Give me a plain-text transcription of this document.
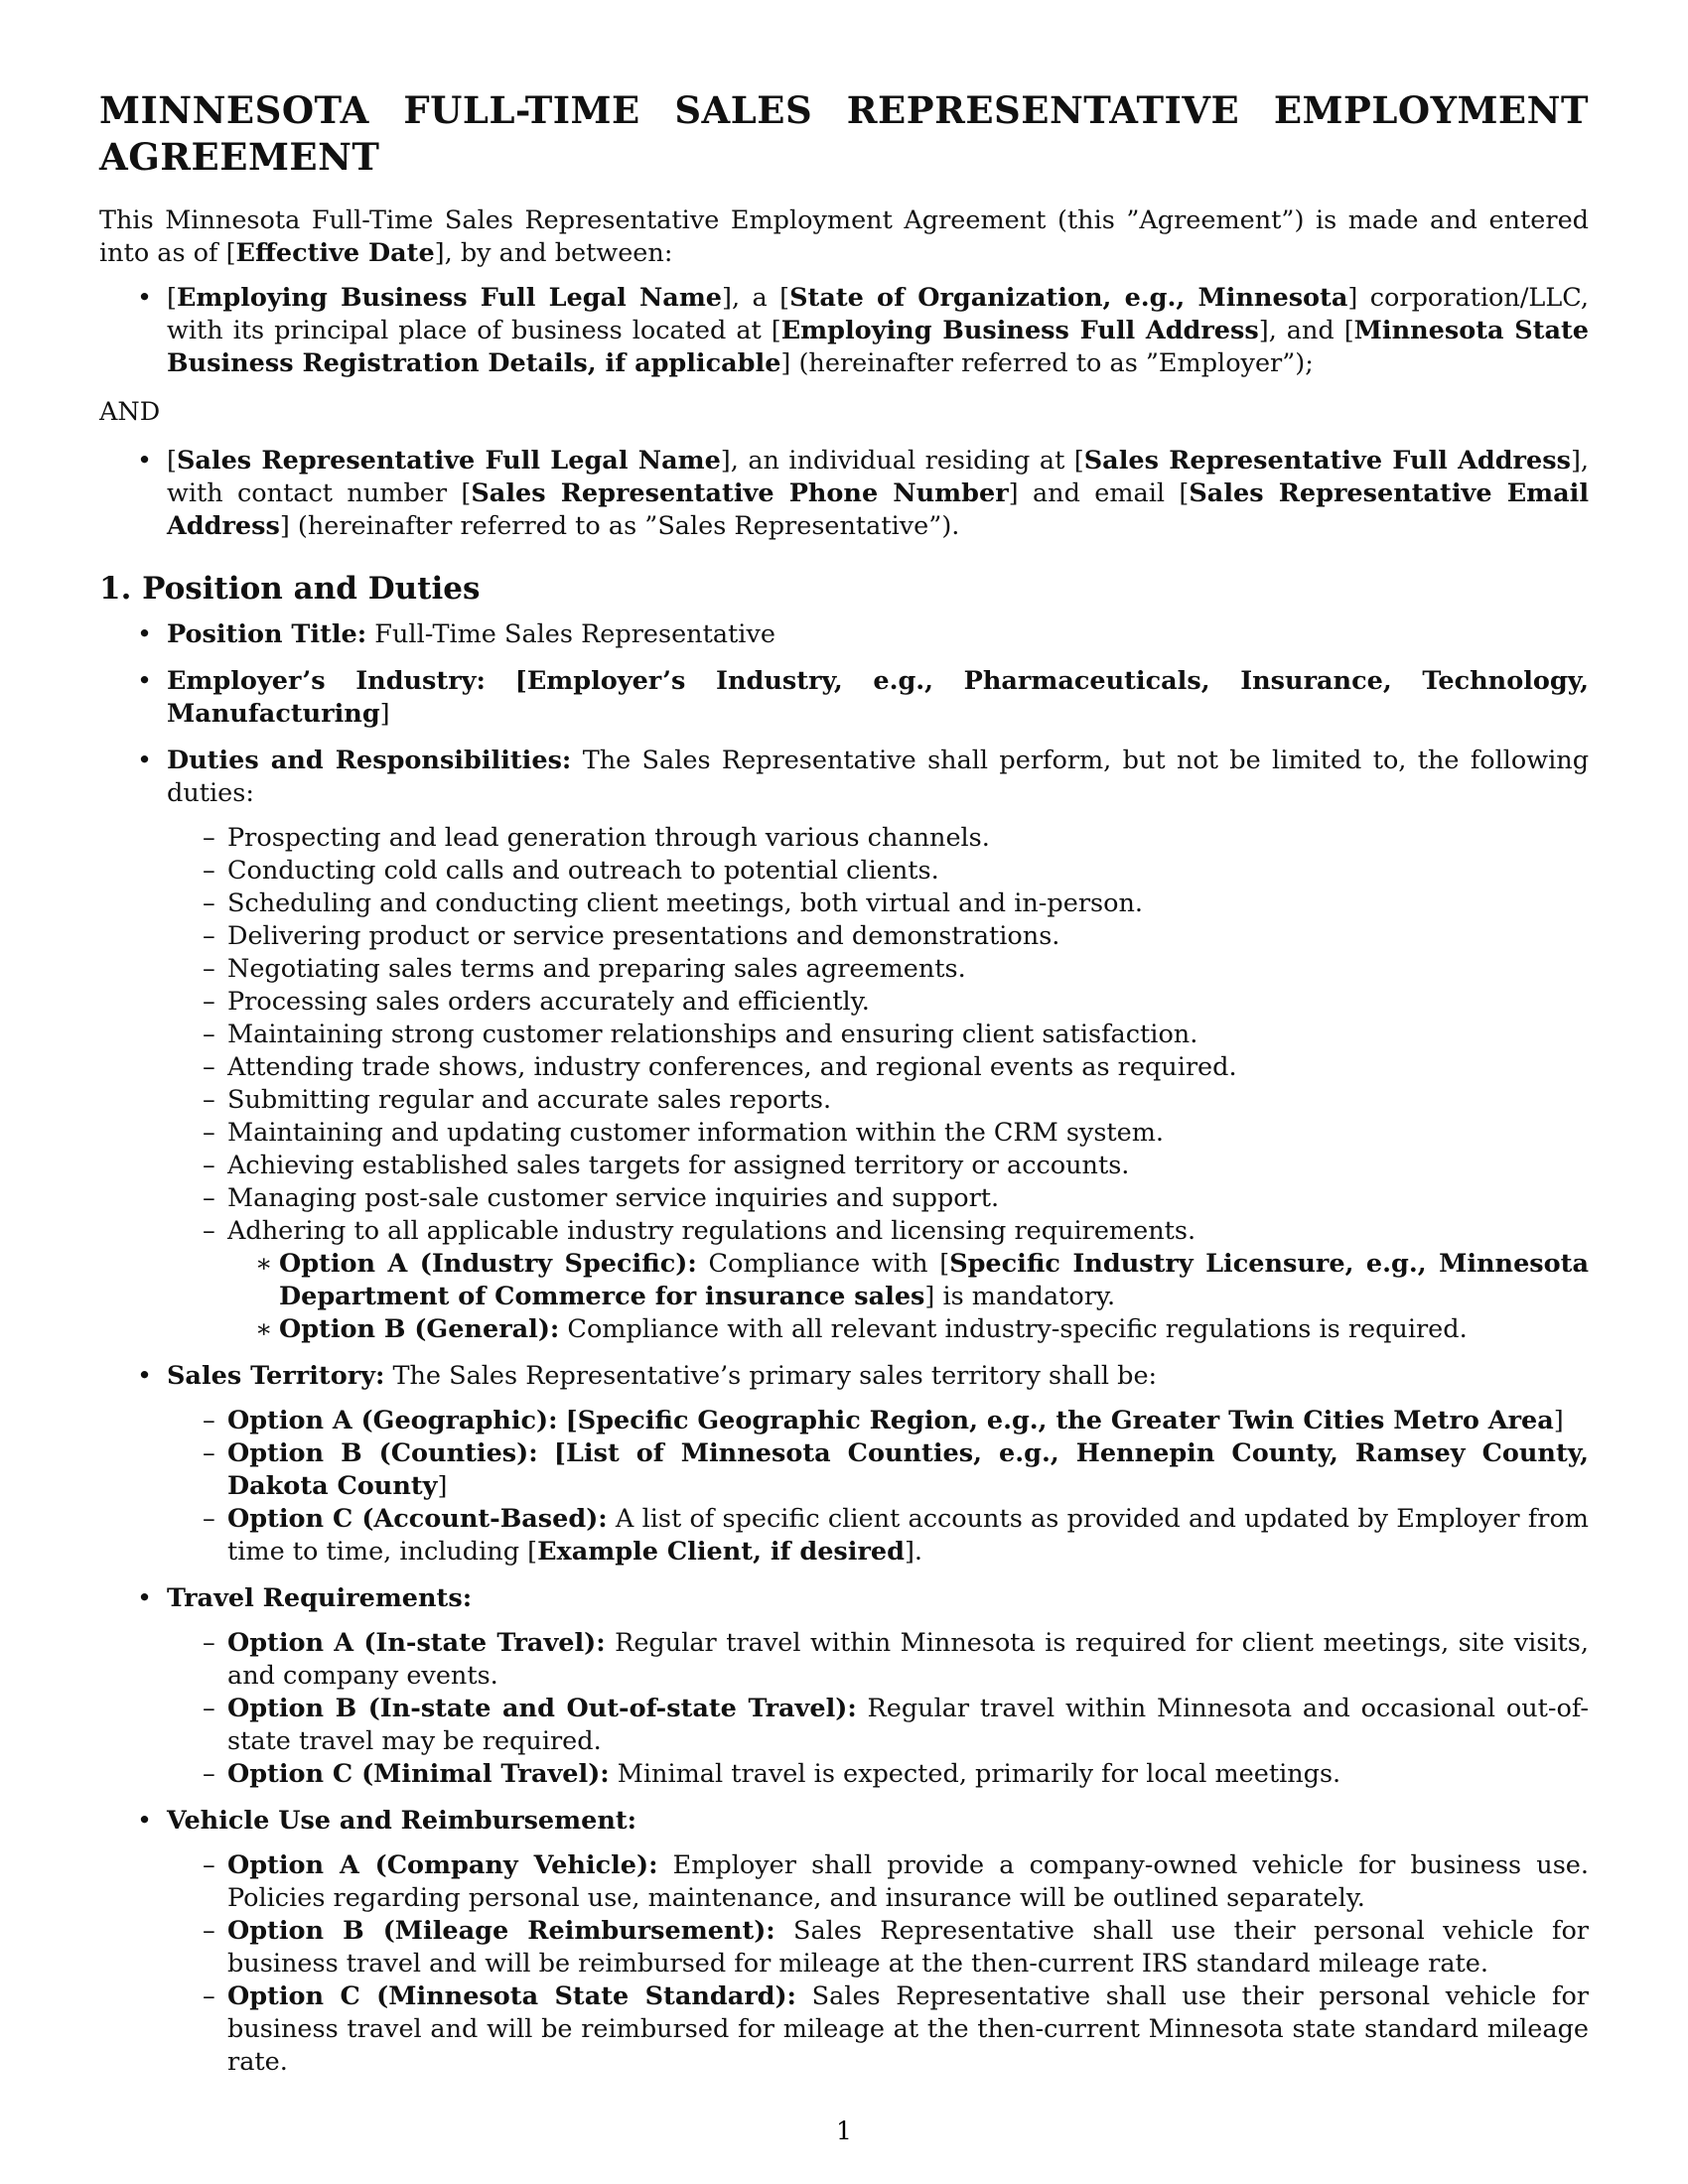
MINNESOTA FULL-TIME SALES REPRESENTATIVE EMPLOYMENT AGREEMENT

This Minnesota Full-Time Sales Representative Employment Agreement (this ”Agreement”) is made and entered into as of [Effective Date], by and between:

• [Employing Business Full Legal Name], a [State of Organization, e.g., Minnesota] corporation/LLC, with its principal place of business located at [Employing Business Full Address], and [Minnesota State Business Registration Details, if applicable] (hereinafter referred to as ”Employer”);

AND

• [Sales Representative Full Legal Name], an individual residing at [Sales Representative Full Address], with contact number [Sales Representative Phone Number] and email [Sales Representative Email Address] (hereinafter referred to as ”Sales Representative”).
1. Position and Duties
• Position Title: Full-Time Sales Representative
• Employer’s Industry: [Employer’s Industry, e.g., Pharmaceuticals, Insurance, Technology, Manufacturing]
• Duties and Responsibilities: The Sales Representative shall perform, but not be limited to, the following duties:
– Prospecting and lead generation through various channels.
– Conducting cold calls and outreach to potential clients.
– Scheduling and conducting client meetings, both virtual and in-person.
– Delivering product or service presentations and demonstrations.
– Negotiating sales terms and preparing sales agreements.
– Processing sales orders accurately and efficiently.
– Maintaining strong customer relationships and ensuring client satisfaction.
– Attending trade shows, industry conferences, and regional events as required.
– Submitting regular and accurate sales reports.
– Maintaining and updating customer information within the CRM system.
– Achieving established sales targets for assigned territory or accounts.
– Managing post-sale customer service inquiries and support.
– Adhering to all applicable industry regulations and licensing requirements.
∗ Option A (Industry Specific): Compliance with [Specific Industry Licensure, e.g., Minnesota Department of Commerce for insurance sales] is mandatory.
∗ Option B (General): Compliance with all relevant industry-specific regulations is required.
• Sales Territory: The Sales Representative’s primary sales territory shall be:
– Option A (Geographic): [Specific Geographic Region, e.g., the Greater Twin Cities Metro Area]
– Option B (Counties): [List of Minnesota Counties, e.g., Hennepin County, Ramsey County, Dakota County]
– Option C (Account-Based): A list of specific client accounts as provided and updated by Employer from time to time, including [Example Client, if desired].
• Travel Requirements:
– Option A (In-state Travel): Regular travel within Minnesota is required for client meetings, site visits, and company events.
– Option B (In-state and Out-of-state Travel): Regular travel within Minnesota and occasional out-of-state travel may be required.
– Option C (Minimal Travel): Minimal travel is expected, primarily for local meetings.
• Vehicle Use and Reimbursement:
– Option A (Company Vehicle): Employer shall provide a company-owned vehicle for business use. Policies regarding personal use, maintenance, and insurance will be outlined separately.
– Option B (Mileage Reimbursement): Sales Representative shall use their personal vehicle for business travel and will be reimbursed for mileage at the then-current IRS standard mileage rate.
– Option C (Minnesota State Standard): Sales Representative shall use their personal vehicle for business travel and will be reimbursed for mileage at the then-current Minnesota state standard mileage rate.
1
